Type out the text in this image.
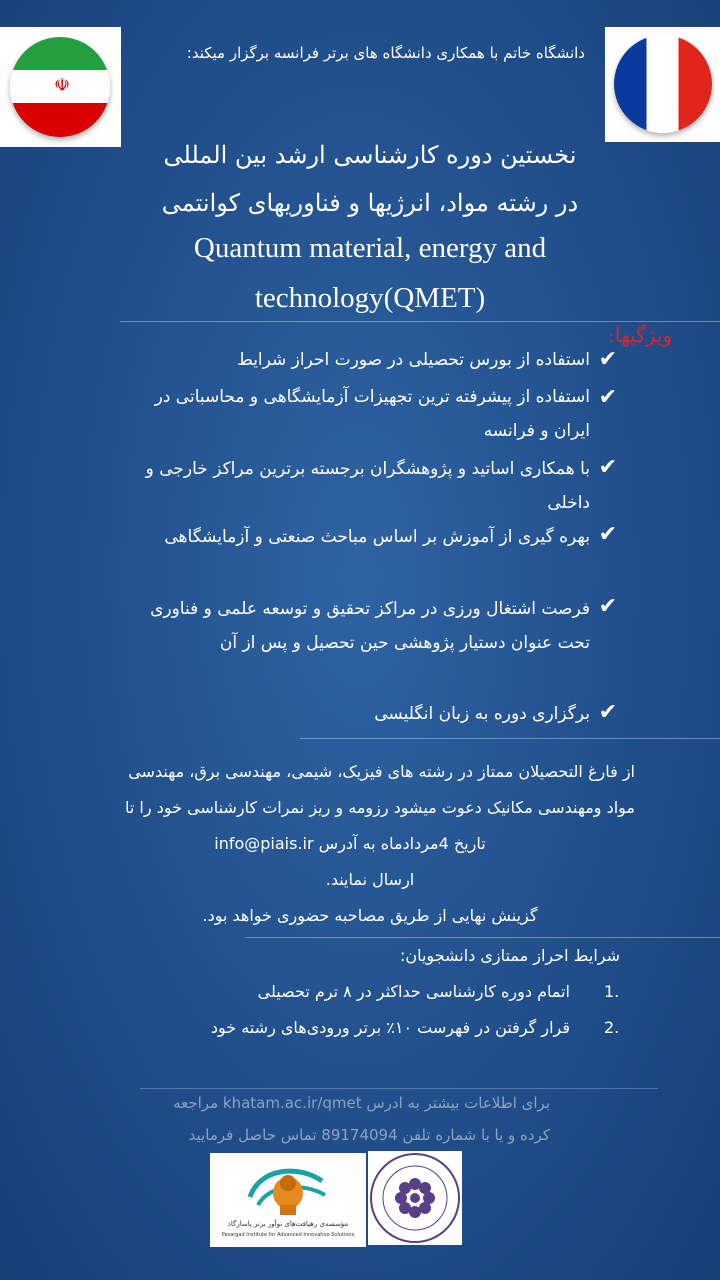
☫
دانشگاه خاتم با همکاری دانشگاه های برتر فرانسه برگزار میکند:
نخستین دوره کارشناسی ارشد بین المللی
در رشته مواد، انرژیها و فناوریهای کوانتمی
Quantum material, energy and
technology(QMET)
ویژگیها:
✔
استفاده از بورس تحصیلی در صورت احراز شرایط
✔
استفاده از پیشرفته ترین تجهیزات آزمایشگاهی و محاسباتی در ایران و فرانسه
✔
با همکاری اساتید و پژوهشگران برجسته برترین مراکز خارجی و داخلی
✔
بهره گیری از آموزش بر اساس مباحث صنعتی و آزمایشگاهی
✔
فرصت اشتغال ورزی در مراکز تحقیق و توسعه علمی و فناوری تحت عنوان دستیار پژوهشی حین تحصیل و پس از آن
✔
برگزاری دوره به زبان انگلیسی
از فارغ التحصیلان ممتاز در رشته های فیزیک، شیمی، مهندسی برق، مهندسی
مواد ومهندسی مکانیک دعوت میشود رزومه و ریز نمرات کارشناسی خود را تا
تاریخ 4مردادماه به آدرس info@piais.ir
ارسال نمایند.
گزینش نهایی از طریق مصاحبه حضوری خواهد بود.
شرایط احراز ممتازی دانشجویان:
1.
اتمام دوره کارشناسی حداکثر در ۸ ترم تحصیلی
2.
قرار گرفتن در فهرست ۱۰٪ برتر ورودی‌های رشته خود
برای اطلاعات بیشتر به ادرس khatam.ac.ir/qmet مراجعه
کرده و یا با شماره تلفن 89174094 تماس حاصل فرمایید
مؤسسه‌ی رهیافت‌های نوآور برتر پاسارگاد
Pasargad Institute for Advanced Innovative Solutions
